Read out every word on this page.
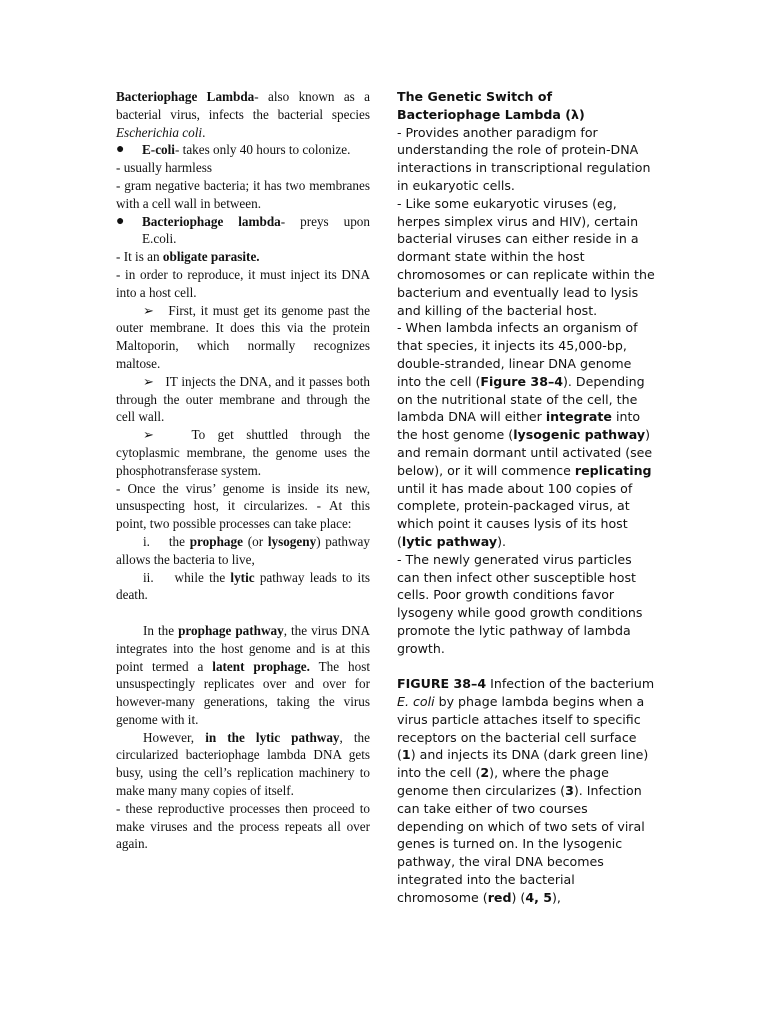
Bacteriophage Lambda- also known as a bacterial virus, infects the bacterial species Escherichia coli.

●	E-coli- takes only 40 hours to colonize.

- usually harmless

- gram negative bacteria; it has two membranes with a cell wall in between.

●	Bacteriophage lambda- preys upon E.coli.

- It is an obligate parasite.

- in order to reproduce, it must inject its DNA into a host cell.

➢ First, it must get its genome past the outer membrane. It does this via the protein Maltoporin, which normally recognizes maltose.

➢ IT injects the DNA, and it passes both through the outer membrane and through the cell wall.

➢	To get shuttled through the cytoplasmic membrane, the genome uses the phosphotransferase system.

- Once the virus’ genome is inside its new, unsuspecting host, it circularizes. - At this point, two possible processes can take place:

i. the prophage (or lysogeny) pathway allows the bacteria to live,

ii. while the lytic pathway leads to its death.

In the prophage pathway, the virus DNA integrates into the host genome and is at this point termed a latent prophage. The host unsuspectingly replicates over and over for however-many generations, taking the virus genome with it.

However, in the lytic pathway, the circularized bacteriophage lambda DNA gets busy, using the cell’s replication machinery to make many many copies of itself.

- these reproductive processes then proceed to make viruses and the process repeats all over again.

The Genetic Switch of
Bacteriophage Lambda (λ)

- Provides another paradigm for understanding the role of protein-DNA interactions in transcriptional regulation in eukaryotic cells.

- Like some eukaryotic viruses (eg, herpes simplex virus and HIV), certain bacterial viruses can either reside in a dormant state within the host chromosomes or can replicate within the bacterium and eventually lead to lysis and killing of the bacterial host.

- When lambda infects an organism of that species, it injects its 45,000-bp, double-stranded, linear DNA genome into the cell (Figure 38–4). Depending on the nutritional state of the cell, the lambda DNA will either integrate into the host genome (lysogenic pathway) and remain dormant until activated (see below), or it will commence replicating until it has made about 100 copies of complete, protein-packaged virus, at which point it causes lysis of its host (lytic pathway).

- The newly generated virus particles can then infect other susceptible host cells. Poor growth conditions favor lysogeny while good growth conditions promote the lytic pathway of lambda growth.

FIGURE 38–4 Infection of the bacterium E. coli by phage lambda begins when a virus particle attaches itself to specific receptors on the bacterial cell surface (1) and injects its DNA (dark green line) into the cell (2), where the phage genome then circularizes (3). Infection can take either of two courses depending on which of two sets of viral genes is turned on. In the lysogenic pathway, the viral DNA becomes integrated into the bacterial chromosome (red) (4, 5),
